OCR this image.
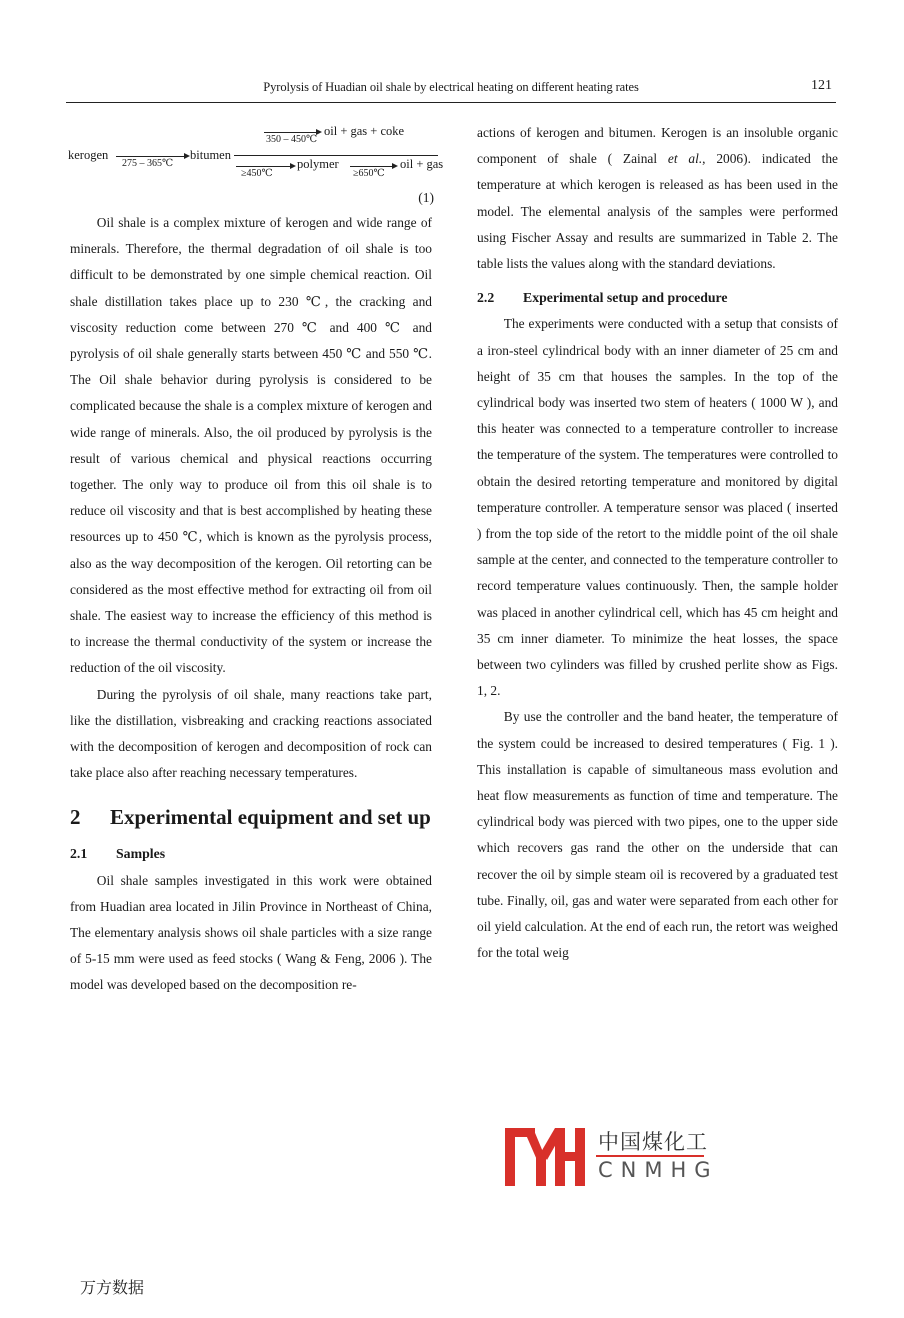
Pyrolysis of Huadian oil shale by electrical heating on different heating rates	121
kerogen
275 – 365℃
bitumen
350 – 450℃
oil + gas + coke
≥450℃
polymer
≥650℃
oil + gas
(1)

Oil shale is a complex mixture of kerogen and wide range of minerals. Therefore, the thermal degradation of oil shale is too difficult to be demonstrated by one simple chemical reaction. Oil shale distillation takes place up to 230 ℃, the cracking and viscosity reduction come between 270 ℃ and 400 ℃ and pyrolysis of oil shale generally starts between 450 ℃ and 550 ℃. The Oil shale behavior during pyrolysis is considered to be complicated because the shale is a complex mixture of kerogen and wide range of minerals. Also, the oil produced by pyrolysis is the result of various chemical and physical reactions occurring together. The only way to produce oil from this oil shale is to reduce oil viscosity and that is best accomplished by heating these resources up to 450 ℃, which is known as the pyrolysis process, also as the way decomposition of the kerogen. Oil retorting can be considered as the most effective method for extracting oil from oil shale. The easiest way to increase the efficiency of this method is to increase the thermal conductivity of the system or increase the reduction of the oil viscosity.

During the pyrolysis of oil shale, many reactions take part, like the distillation, visbreaking and cracking reactions associated with the decomposition of kerogen and decomposition of rock can take place also after reaching necessary temperatures.

2	Experimental equipment and set up

2.1	Samples

Oil shale samples investigated in this work were obtained from Huadian area located in Jilin Province in Northeast of China, The elementary analysis shows oil shale particles with a size range of 5-15 mm were used as feed stocks ( Wang & Feng, 2006 ). The model was developed based on the decomposition re-

actions of kerogen and bitumen. Kerogen is an insoluble organic component of shale ( Zainal et al., 2006). indicated the temperature at which kerogen is released as has been used in the model. The elemental analysis of the samples were performed using Fischer Assay and results are summarized in Table 2. The table lists the values along with the standard deviations.

2.2	Experimental setup and procedure

The experiments were conducted with a setup that consists of a iron-steel cylindrical body with an inner diameter of 25 cm and height of 35 cm that houses the samples. In the top of the cylindrical body was inserted two stem of heaters ( 1000 W ), and this heater was connected to a temperature controller to increase the temperature of the system. The temperatures were controlled to obtain the desired retorting temperature and monitored by digital temperature controller. A temperature sensor was placed ( inserted ) from the top side of the retort to the middle point of the oil shale sample at the center, and connected to the temperature controller to record temperature values continuously. Then, the sample holder was placed in another cylindrical cell, which has 45 cm height and 35 cm inner diameter. To minimize the heat losses, the space between two cylinders was filled by crushed perlite show as Figs. 1, 2.

By use the controller and the band heater, the temperature of the system could be increased to desired temperatures ( Fig. 1 ). This installation is capable of simultaneous mass evolution and heat flow measurements as function of time and temperature. The cylindrical body was pierced with two pipes, one to the upper side which recovers gas rand the other on the underside that can recover the oil by simple steam oil is recovered by a graduated test tube. Finally, oil, gas and water were separated from each other for oil yield calculation. At the end of each run, the retort was weighed for the total weig

中国煤化工
CNMHG
万方数据
